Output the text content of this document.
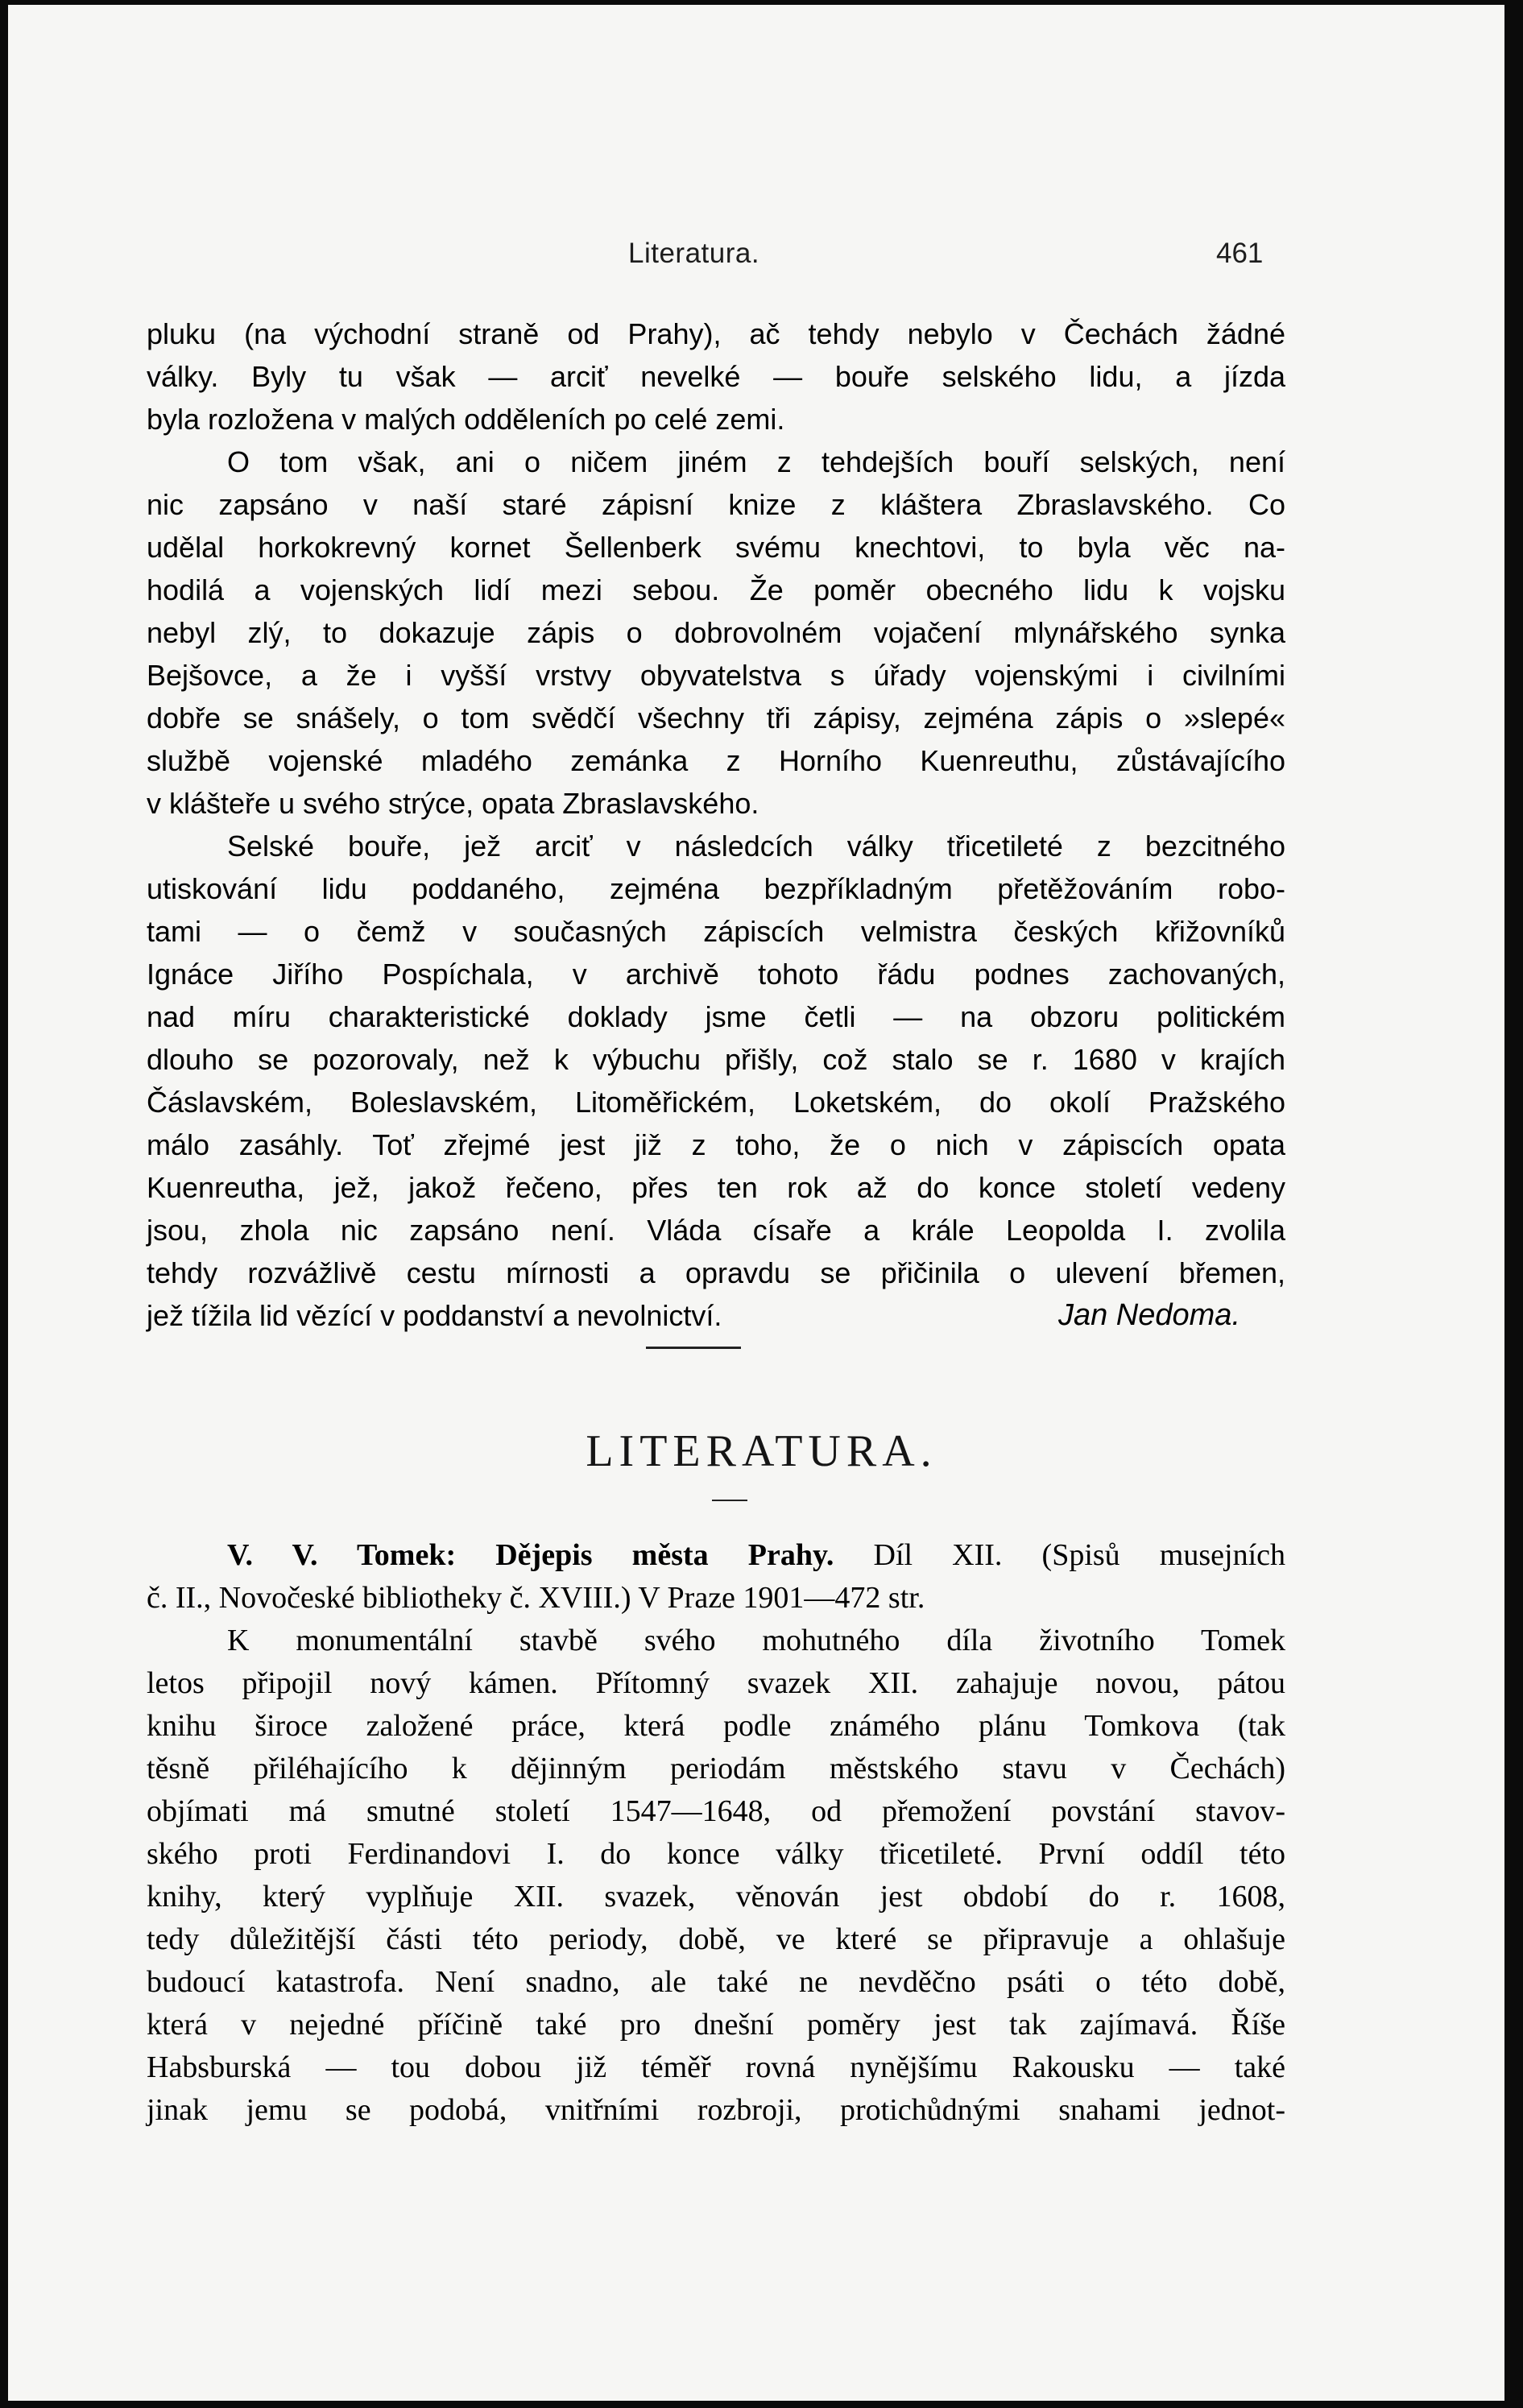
Literatura.	461
pluku (na východní straně od Prahy), ač tehdy nebylo v Čechách žádné
války. Byly tu však — arciť nevelké — bouře selského lidu, a jízda
byla rozložena v malých odděleních po celé zemi.
O tom však, ani o ničem jiném z tehdejších bouří selských, není
nic zapsáno v naší staré zápisní knize z kláštera Zbraslavského. Co
udělal horkokrevný kornet Šellenberk svému knechtovi, to byla věc na-
hodilá a vojenských lidí mezi sebou. Že poměr obecného lidu k vojsku
nebyl zlý, to dokazuje zápis o dobrovolném vojačení mlynářského synka
Bejšovce, a že i vyšší vrstvy obyvatelstva s úřady vojenskými i civilními
dobře se snášely, o tom svědčí všechny tři zápisy, zejména zápis o »slepé«
službě vojenské mladého zemánka z Horního Kuenreuthu, zůstávajícího
v klášteře u svého strýce, opata Zbraslavského.
Selské bouře, jež arciť v následcích války třicetileté z bezcitného
utiskování lidu poddaného, zejména bezpříkladným přetěžováním robo-
tami — o čemž v současných zápiscích velmistra českých křižovníků
Ignáce Jiřího Pospíchala, v archivě tohoto řádu podnes zachovaných,
nad míru charakteristické doklady jsme četli — na obzoru politickém
dlouho se pozorovaly, než k výbuchu přišly, což stalo se r. 1680 v krajích
Čáslavském, Boleslavském, Litoměřickém, Loketském, do okolí Pražského
málo zasáhly. Toť zřejmé jest již z toho, že o nich v zápiscích opata
Kuenreutha, jež, jakož řečeno, přes ten rok až do konce století vedeny
jsou, zhola nic zapsáno není. Vláda císaře a krále Leopolda I. zvolila
tehdy rozvážlivě cestu mírnosti a opravdu se přičinila o ulevení břemen,
jež tížila lid vězící v poddanství a nevolnictví.	Jan Nedoma.
LITERATURA.
V. V. Tomek: Dějepis města Prahy. Díl XII. (Spisů musejních
č. II., Novočeské bibliotheky č. XVIII.) V Praze 1901—472 str.
K monumentální stavbě svého mohutného díla životního Tomek
letos připojil nový kámen. Přítomný svazek XII. zahajuje novou, pátou
knihu široce založené práce, která podle známého plánu Tomkova (tak
těsně přiléhajícího k dějinným periodám městského stavu v Čechách)
objímati má smutné století 1547—1648, od přemožení povstání stavov-
ského proti Ferdinandovi I. do konce války třicetileté. První oddíl této
knihy, který vyplňuje XII. svazek, věnován jest období do r. 1608,
tedy důležitější části této periody, době, ve které se připravuje a ohlašuje
budoucí katastrofa. Není snadno, ale také ne nevděčno psáti o této době,
která v nejedné příčině také pro dnešní poměry jest tak zajímavá. Říše
Habsburská — tou dobou již téměř rovná nynějšímu Rakousku — také
jinak jemu se podobá, vnitřními rozbroji, protichůdnými snahami jednot-
